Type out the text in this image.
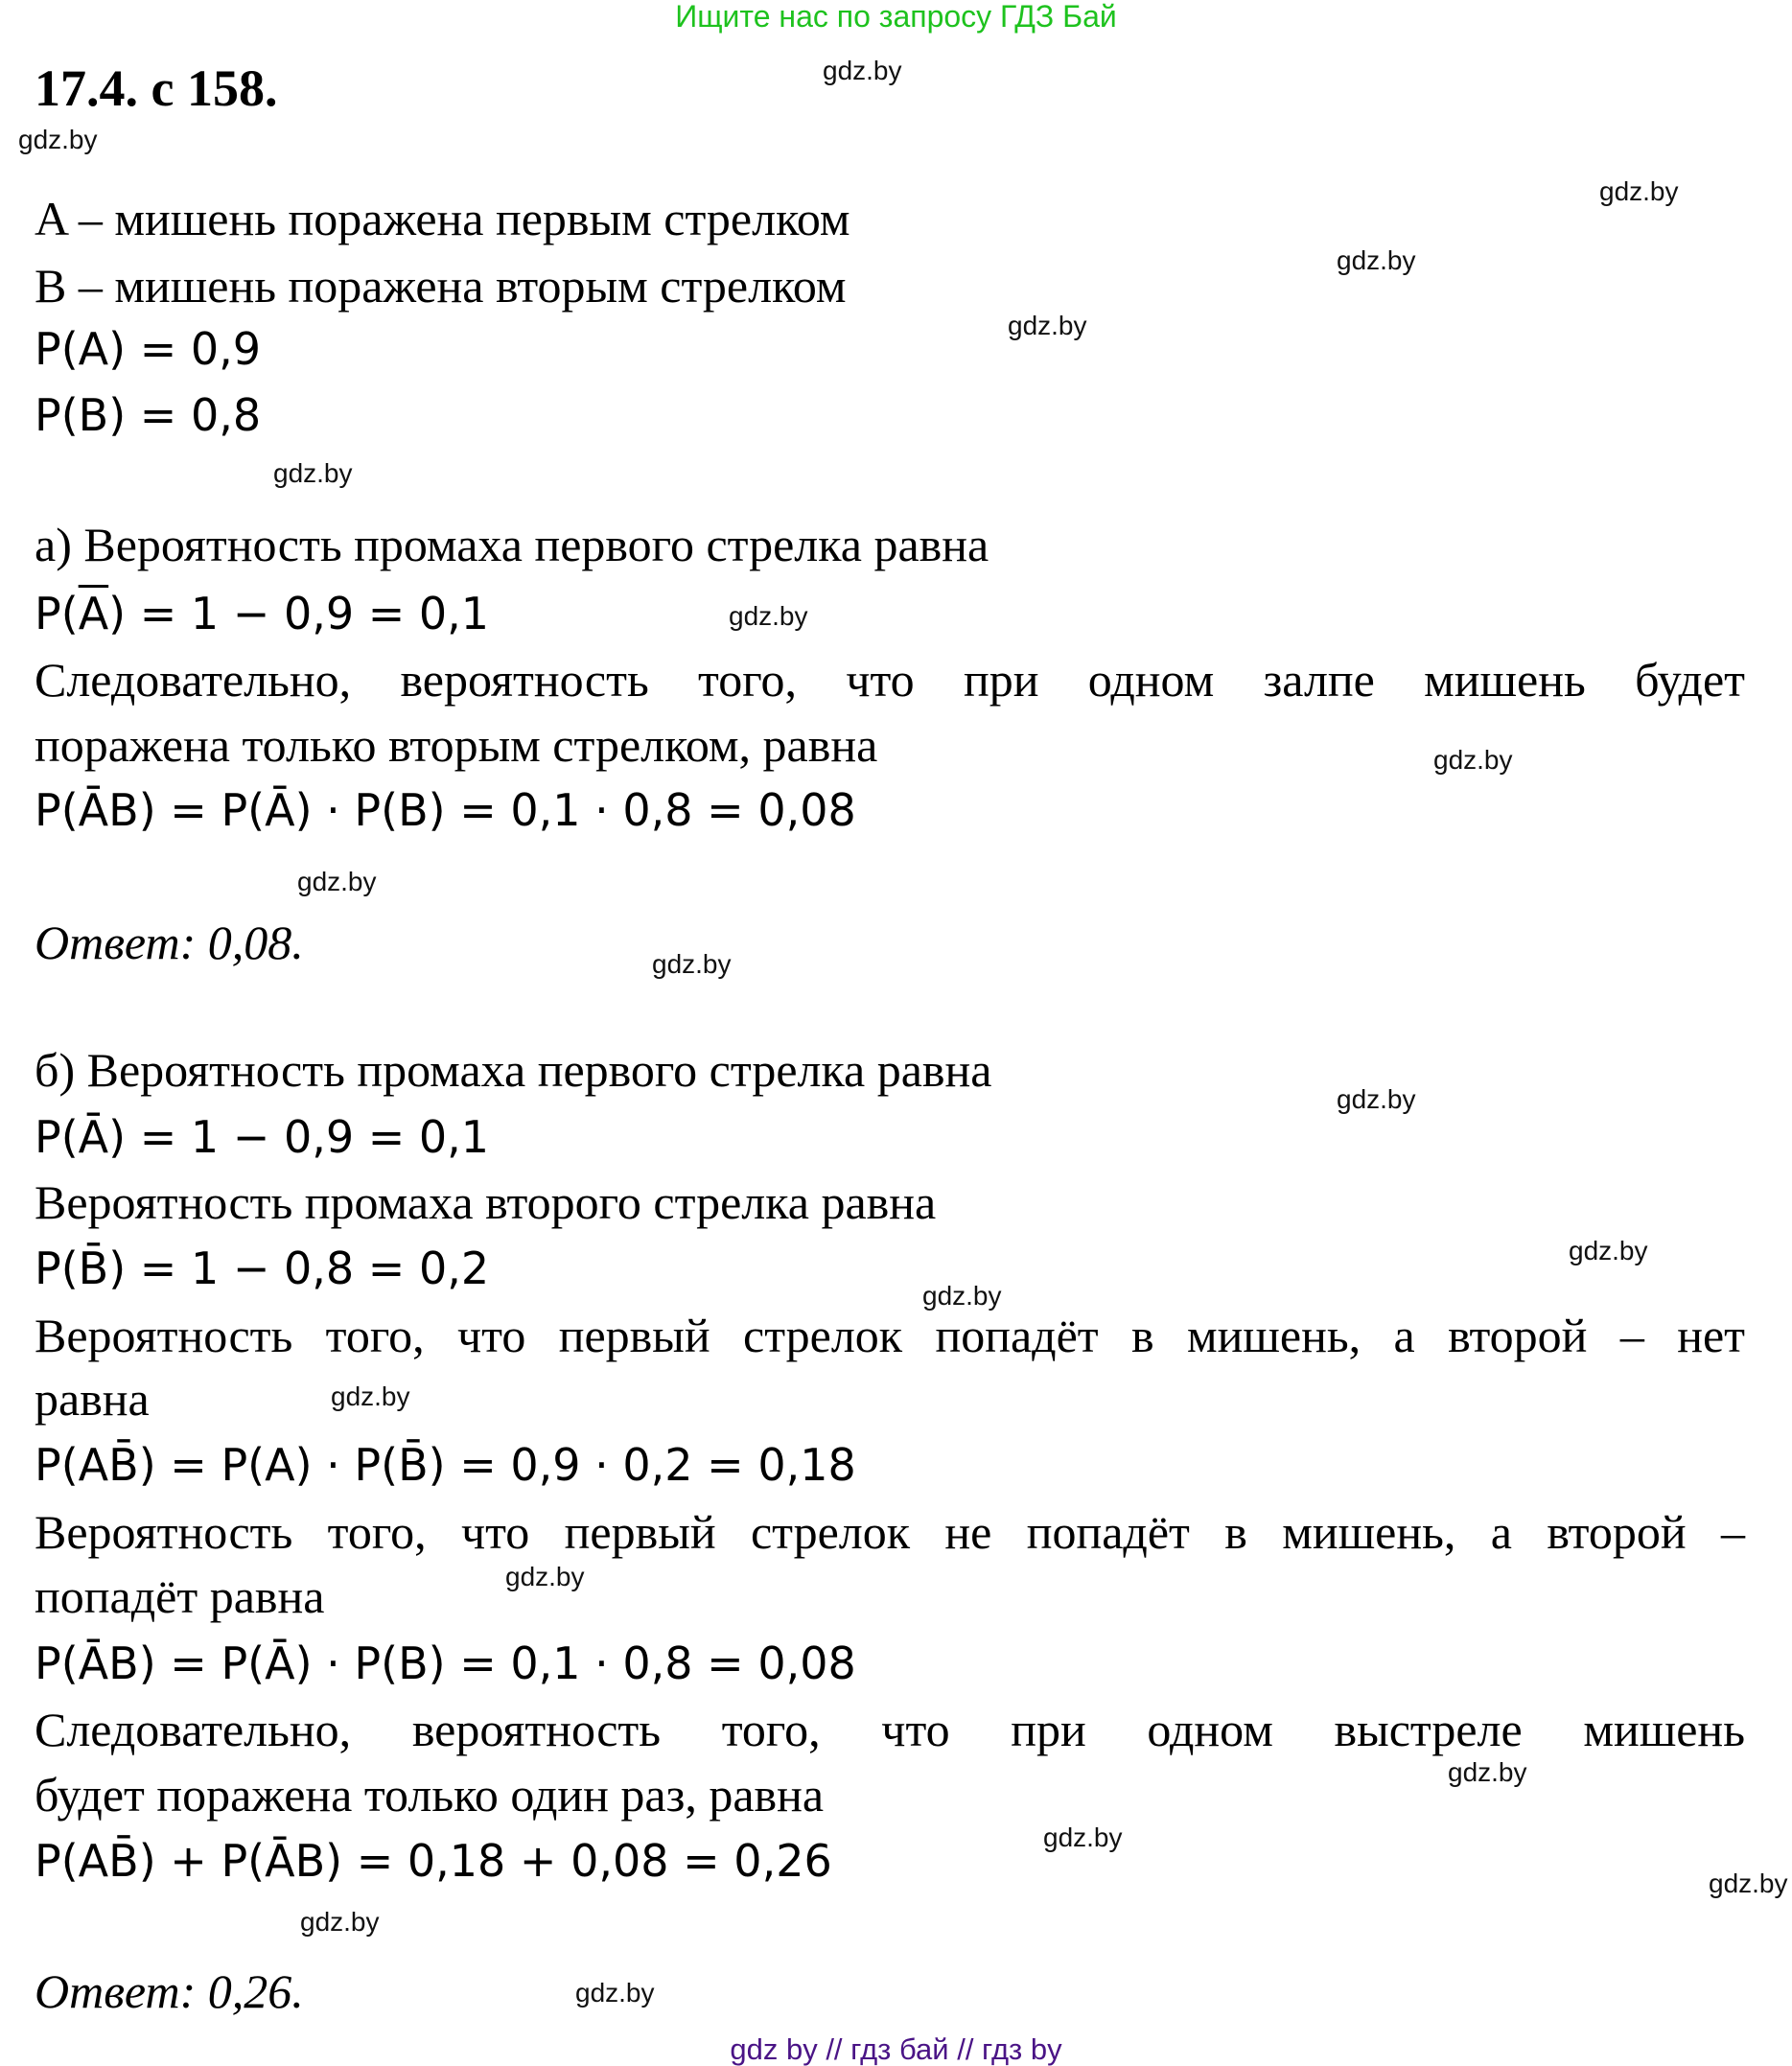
Ищите нас по запросу ГДЗ Бай
17.4. с 158.
A – мишень поражена первым стрелком
B – мишень поражена вторым стрелком
P(A) = 0,9
P(B) = 0,8
а) Вероятность промаха первого стрелка равна
$P(\overline{A}) = 1 - 0,9 = 0,1$
Следовательно, вероятность того, что при одном залпе мишень будет
поражена только вторым стрелком, равна
P(ĀB) = P(Ā) · P(B) = 0,1 · 0,8 = 0,08
Ответ: 0,08.
б) Вероятность промаха первого стрелка равна
P(Ā) = 1 − 0,9 = 0,1
Вероятность промаха второго стрелка равна
P(B̄) = 1 − 0,8 = 0,2
Вероятность того, что первый стрелок попадёт в мишень, а второй – нет
равна
P(AB̄) = P(A) · P(B̄) = 0,9 · 0,2 = 0,18
Вероятность того, что первый стрелок не попадёт в мишень, а второй –
попадёт равна
P(ĀB) = P(Ā) · P(B) = 0,1 · 0,8 = 0,08
Следовательно, вероятность того, что при одном выстреле мишень
будет поражена только один раз, равна
P(AB̄) + P(ĀB) = 0,18 + 0,08 = 0,26
Ответ: 0,26.
gdz.by
gdz.by
gdz.by
gdz.by
gdz.by
gdz.by
gdz.by
gdz.by
gdz.by
gdz.by
gdz.by
gdz.by
gdz.by
gdz.by
gdz.by
gdz.by
gdz.by
gdz.by
gdz.by
gdz.by
gdz by // гдз бай // гдз by
